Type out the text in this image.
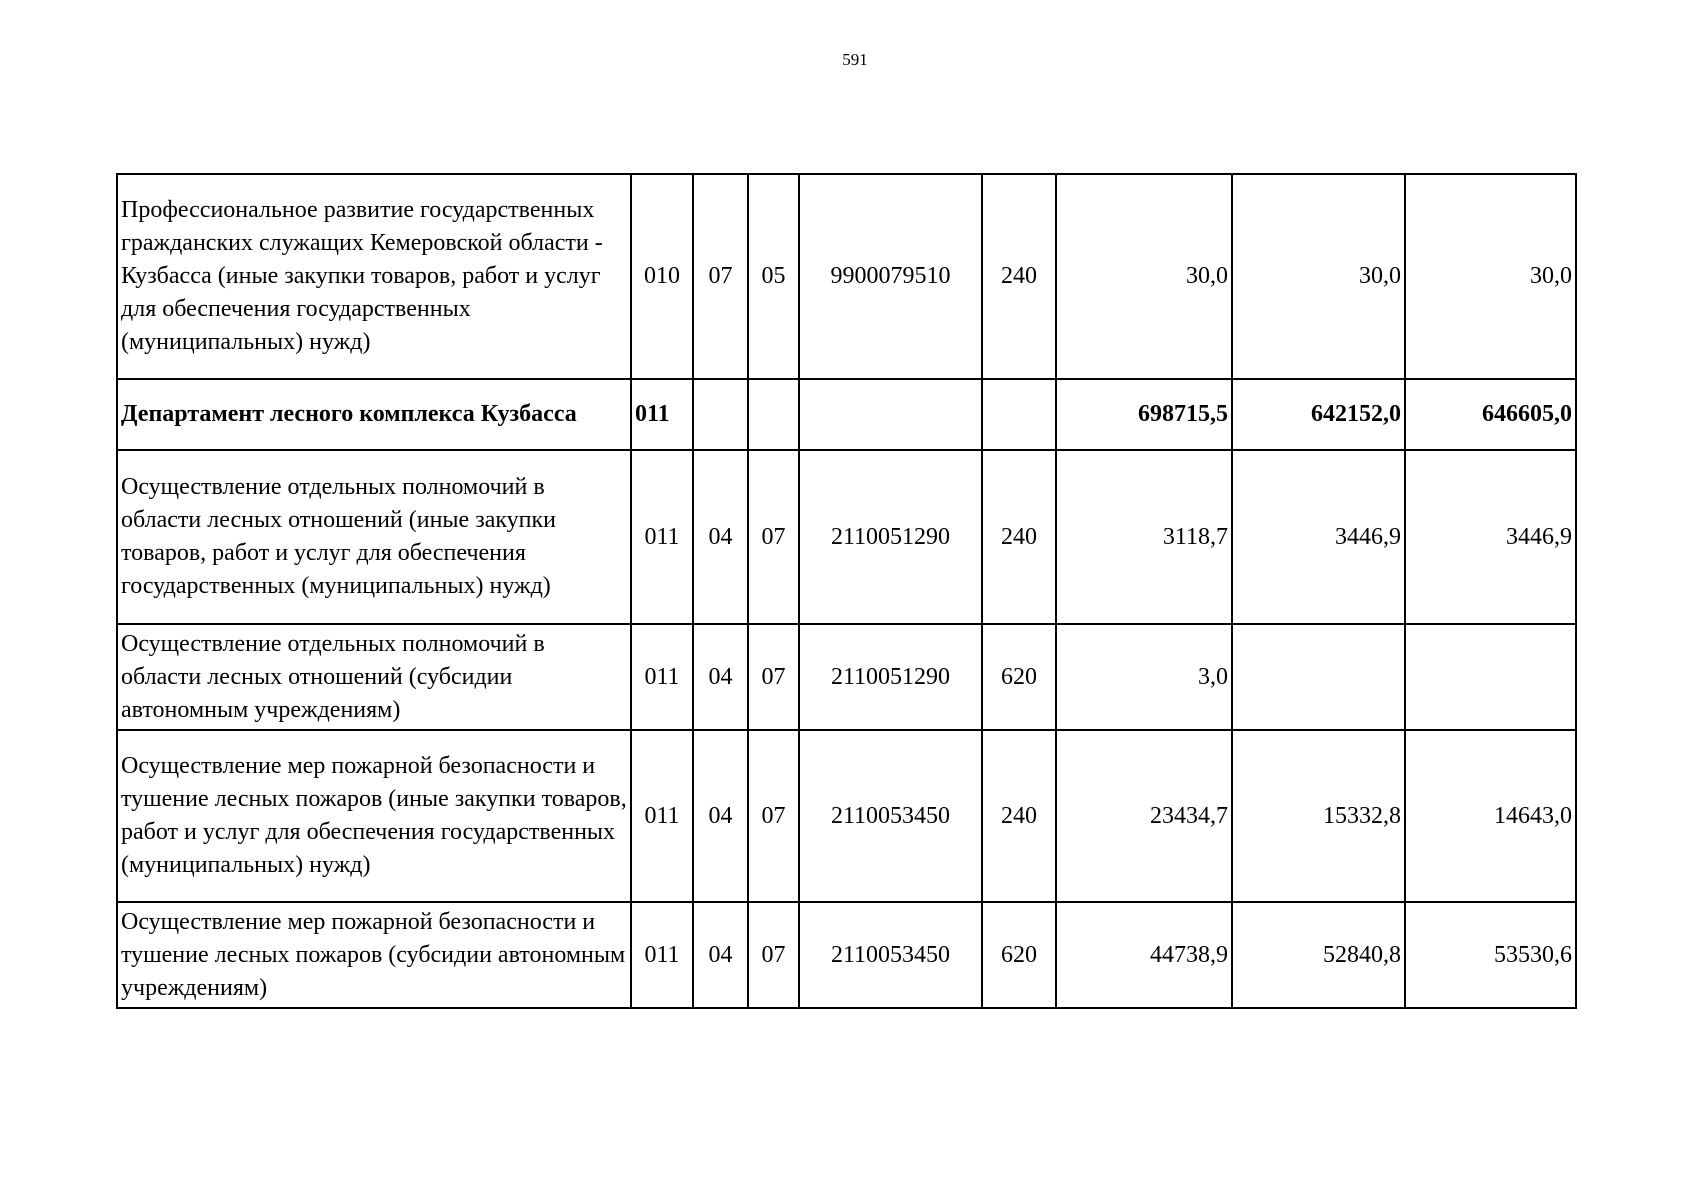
591
Профессиональное развитие государственных гражданских служащих Кемеровской области - Кузбасса (иные закупки товаров, работ и услуг для обеспечения государственных (муниципальных) нужд)	010	07	05	9900079510	240	30,0	30,0	30,0
Департамент лесного комплекса Кузбасса	011					698715,5	642152,0	646605,0
Осуществление отдельных полномочий в области лесных отношений (иные закупки товаров, работ и услуг для обеспечения государственных (муниципальных) нужд)	011	04	07	2110051290	240	3118,7	3446,9	3446,9
Осуществление отдельных полномочий в области лесных отношений (субсидии автономным учреждениям)	011	04	07	2110051290	620	3,0		
Осуществление мер пожарной безопасности и тушение лесных пожаров (иные закупки товаров, работ и услуг для обеспечения государственных (муниципальных) нужд)	011	04	07	2110053450	240	23434,7	15332,8	14643,0
Осуществление мер пожарной безопасности и тушение лесных пожаров (субсидии автономным учреждениям)	011	04	07	2110053450	620	44738,9	52840,8	53530,6
